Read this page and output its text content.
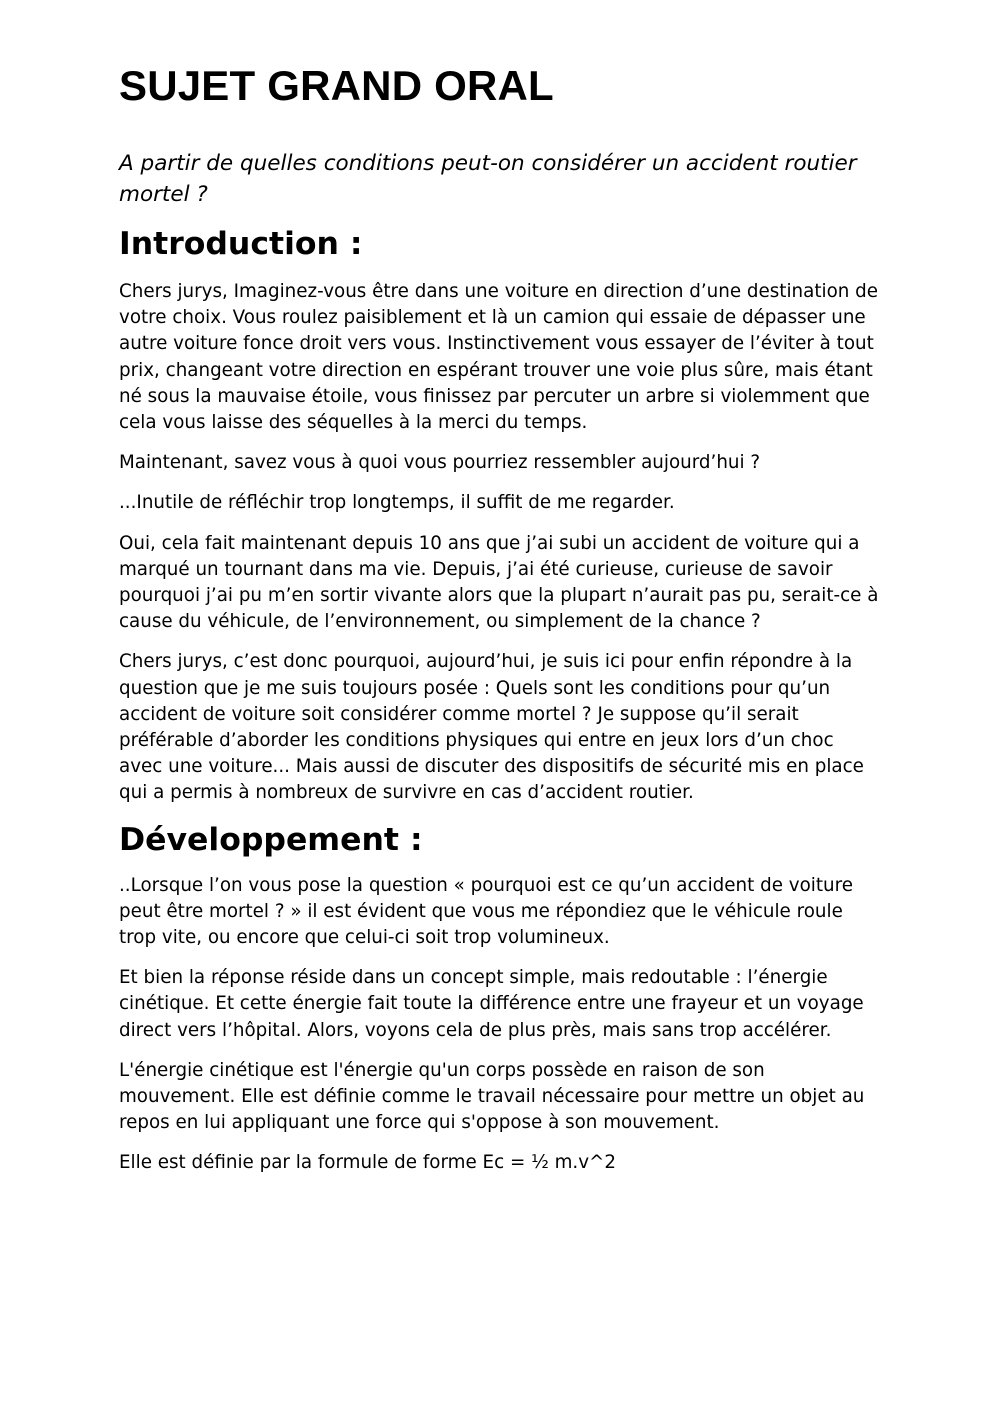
SUJET GRAND ORAL

A partir de quelles conditions peut-on considérer un accident routier mortel ?

Introduction :

Chers jurys, Imaginez-vous être dans une voiture en direction d’une destination de votre choix. Vous roulez paisiblement et là un camion qui essaie de dépasser une autre voiture fonce droit vers vous. Instinctivement vous essayer de l’éviter à tout prix, changeant votre direction en espérant trouver une voie plus sûre, mais étant né sous la mauvaise étoile, vous finissez par percuter un arbre si violemment que cela vous laisse des séquelles à la merci du temps.

Maintenant, savez vous à quoi vous pourriez ressembler aujourd’hui ?

...Inutile de réfléchir trop longtemps, il suffit de me regarder.

Oui, cela fait maintenant depuis 10 ans que j’ai subi un accident de voiture qui a marqué un tournant dans ma vie. Depuis, j’ai été curieuse, curieuse de savoir pourquoi j’ai pu m’en sortir vivante alors que la plupart n’aurait pas pu, serait-ce à cause du véhicule, de l’environnement, ou simplement de la chance ?

Chers jurys, c’est donc pourquoi, aujourd’hui, je suis ici pour enfin répondre à la question que je me suis toujours posée : Quels sont les conditions pour qu’un accident de voiture soit considérer comme mortel ? Je suppose qu’il serait préférable d’aborder les conditions physiques qui entre en jeux lors d’un choc avec une voiture... Mais aussi de discuter des dispositifs de sécurité mis en place qui a permis à nombreux de survivre en cas d’accident routier.

Développement :

..Lorsque l’on vous pose la question « pourquoi est ce qu’un accident de voiture peut être mortel ? » il est évident que vous me répondiez que le véhicule roule trop vite, ou encore que celui-ci soit trop volumineux.

Et bien la réponse réside dans un concept simple, mais redoutable : l’énergie cinétique. Et cette énergie fait toute la différence entre une frayeur et un voyage direct vers l’hôpital. Alors, voyons cela de plus près, mais sans trop accélérer.

L'énergie cinétique est l'énergie qu'un corps possède en raison de son mouvement. Elle est définie comme le travail nécessaire pour mettre un objet au repos en lui appliquant une force qui s'oppose à son mouvement.

Elle est définie par la formule de forme Ec = ½ m.v^2
